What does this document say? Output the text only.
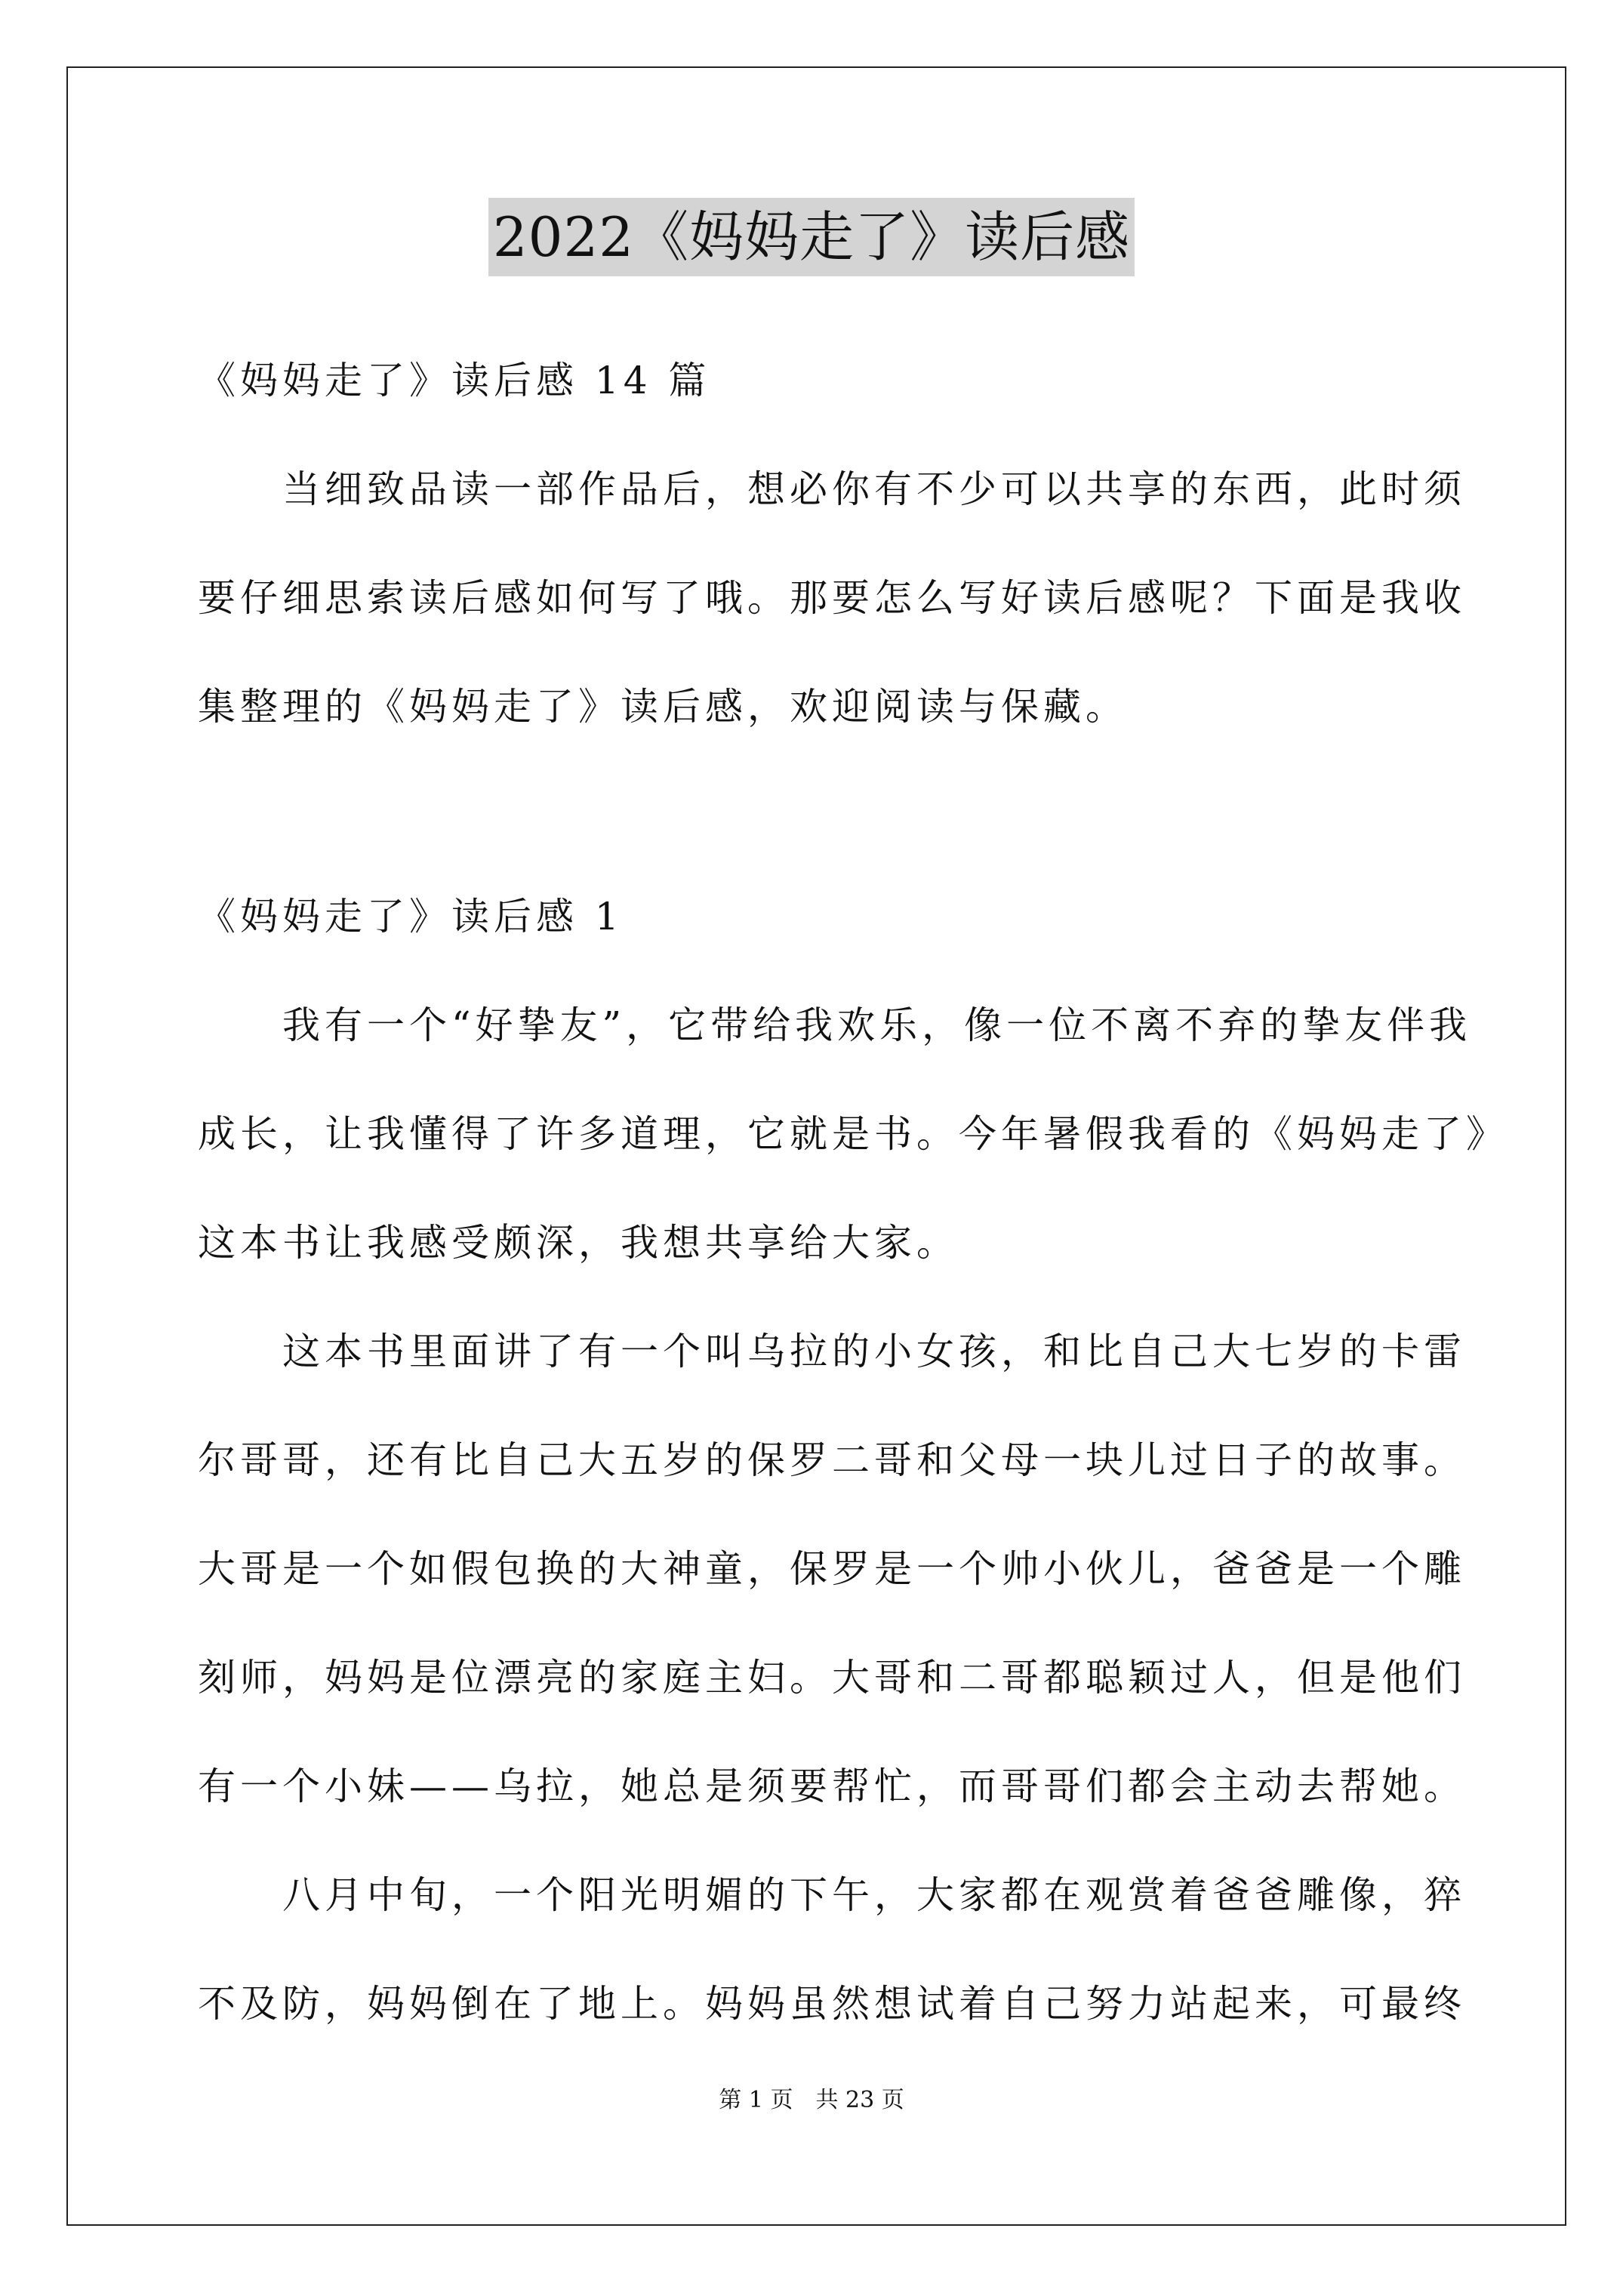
2022《妈妈走了》读后感
《妈妈走了》读后感 14 篇
　　当细致品读一部作品后，想必你有不少可以共享的东西，此时须
要仔细思索读后感如何写了哦。那要怎么写好读后感呢？下面是我收
集整理的《妈妈走了》读后感，欢迎阅读与保藏。
《妈妈走了》读后感 1
　　我有一个“好挚友”，它带给我欢乐，像一位不离不弃的挚友伴我
成长，让我懂得了许多道理，它就是书。今年暑假我看的《妈妈走了》
这本书让我感受颇深，我想共享给大家。
　　这本书里面讲了有一个叫乌拉的小女孩，和比自己大七岁的卡雷
尔哥哥，还有比自己大五岁的保罗二哥和父母一块儿过日子的故事。
大哥是一个如假包换的大神童，保罗是一个帅小伙儿，爸爸是一个雕
刻师，妈妈是位漂亮的家庭主妇。大哥和二哥都聪颖过人，但是他们
有一个小妹——乌拉，她总是须要帮忙，而哥哥们都会主动去帮她。
　　八月中旬，一个阳光明媚的下午，大家都在观赏着爸爸雕像，猝
不及防，妈妈倒在了地上。妈妈虽然想试着自己努力站起来，可最终
第 1 页　共 23 页
